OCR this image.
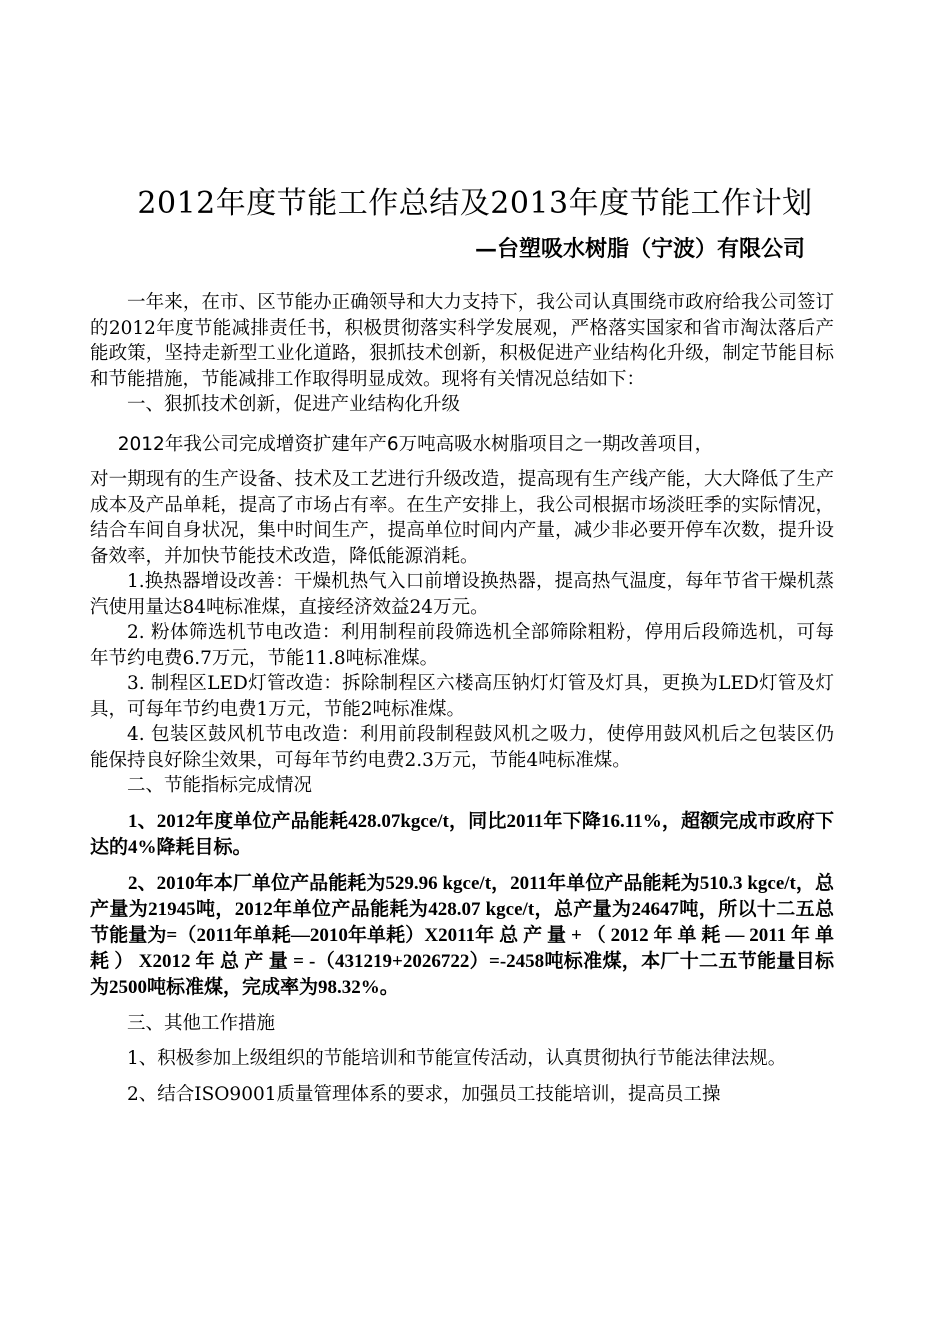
2012年度节能工作总结及2013年度节能工作计划
—台塑吸水树脂（宁波）有限公司

一年来，在市、区节能办正确领导和大力支持下，我公司认真围绕市政府给我公司签订的2012年度节能减排责任书，积极贯彻落实科学发展观，严格落实国家和省市淘汰落后产能政策，坚持走新型工业化道路，狠抓技术创新，积极促进产业结构化升级，制定节能目标和节能措施，节能减排工作取得明显成效。现将有关情况总结如下：

一、狠抓技术创新，促进产业结构化升级

2012年我公司完成增资扩建年产6万吨高吸水树脂项目之一期改善项目，

对一期现有的生产设备、技术及工艺进行升级改造，提高现有生产线产能，大大降低了生产成本及产品单耗，提高了市场占有率。在生产安排上，我公司根据市场淡旺季的实际情况，结合车间自身状况，集中时间生产，提高单位时间内产量，减少非必要开停车次数，提升设备效率，并加快节能技术改造，降低能源消耗。

1.换热器增设改善：干燥机热气入口前增设换热器，提高热气温度，每年节省干燥机蒸汽使用量达84吨标准煤，直接经济效益24万元。

2. 粉体筛选机节电改造：利用制程前段筛选机全部筛除粗粉，停用后段筛选机，可每年节约电费6.7万元，节能11.8吨标准煤。

3. 制程区LED灯管改造：拆除制程区六楼高压钠灯灯管及灯具，更换为LED灯管及灯具，可每年节约电费1万元，节能2吨标准煤。

4. 包装区鼓风机节电改造：利用前段制程鼓风机之吸力，使停用鼓风机后之包装区仍能保持良好除尘效果，可每年节约电费2.3万元，节能4吨标准煤。

二、节能指标完成情况

1、2012年度单位产品能耗428.07kgce/t，同比2011年下降16.11%，超额完成市政府下达的4%降耗目标。

2、2010年本厂单位产品能耗为529.96 kgce/t，2011年单位产品能耗为510.3 kgce/t，总产量为21945吨，2012年单位产品能耗为428.07 kgce/t，总产量为24647吨，所以十二五总节能量为=（2011年单耗—2010年单耗）X2011年 总 产 量 + （ 2012 年 单 耗 — 2011 年 单 耗 ） X2012 年 总 产 量 = -（431219+2026722）=-2458吨标准煤，本厂十二五节能量目标为2500吨标准煤，完成率为98.32%。

三、其他工作措施

1、积极参加上级组织的节能培训和节能宣传活动，认真贯彻执行节能法律法规。

2、结合ISO9001质量管理体系的要求，加强员工技能培训，提高员工操
